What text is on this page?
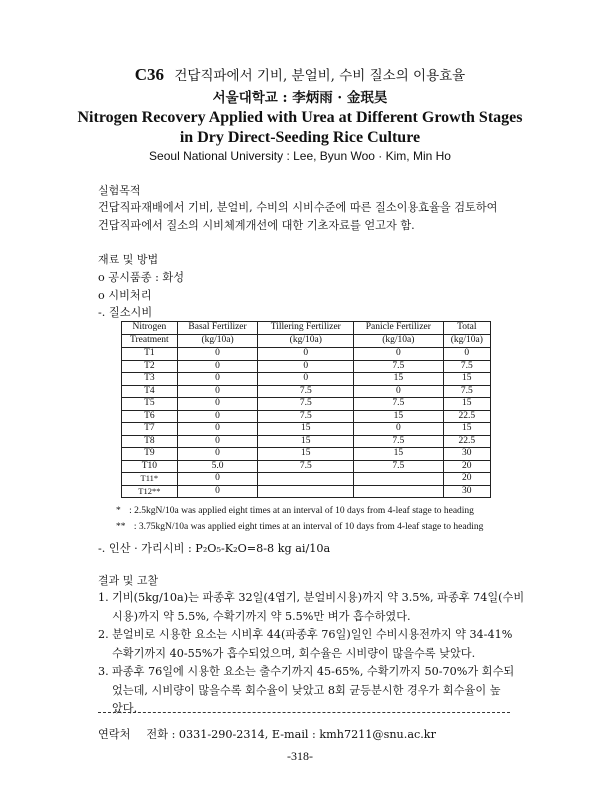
C36 건답직파에서 기비, 분얼비, 수비 질소의 이용효율
서울대학교 : 李炳雨 · 金珉昊
Nitrogen Recovery Applied with Urea at Different Growth Stages
in Dry Direct-Seeding Rice Culture
Seoul National University : Lee, Byun Woo · Kim, Min Ho
실험목적
건답직파재배에서 기비, 분얼비, 수비의 시비수준에 따른 질소이용효율을 검토하여
건답직파에서 질소의 시비체계개선에 대한 기초자료를 얻고자 함.
재료 및 방법
o 공시품종 : 화성
o 시비처리
-. 질소시비
Nitrogen	Basal Fertilizer	Tillering Fertilizer	Panicle Fertilizer	Total
Treatment	(kg/10a)	(kg/10a)	(kg/10a)	(kg/10a)
T1	0	0	0	0
T2	0	0	7.5	7.5
T3	0	0	15	15
T4	0	7.5	0	7.5
T5	0	7.5	7.5	15
T6	0	7.5	15	22.5
T7	0	15	0	15
T8	0	15	7.5	22.5
T9	0	15	15	30
T10	5.0	7.5	7.5	20
T11*	0			20
T12**	0			30
* : 2.5kgN/10a was applied eight times at an interval of 10 days from 4-leaf stage to heading
** : 3.75kgN/10a was applied eight times at an interval of 10 days from 4-leaf stage to heading
-. 인산 · 가리시비 : P₂O₅-K₂O=8-8 kg ai/10a
결과 및 고찰
1. 기비(5kg/10a)는 파종후 32일(4엽기, 분얼비시용)까지 약 3.5%, 파종후 74일(수비
시용)까지 약 5.5%, 수확기까지 약 5.5%만 벼가 흡수하였다.
2. 분얼비로 시용한 요소는 시비후 44(파종후 76일)일인 수비시용전까지 약 34-41%
수확기까지 40-55%가 흡수되었으며, 회수율은 시비량이 많을수록 낮았다.
3. 파종후 76일에 시용한 요소는 출수기까지 45-65%, 수확기까지 50-70%가 회수되
었는데, 시비량이 많을수록 회수율이 낮았고 8회 균등분시한 경우가 회수율이 높
았다.
연락처 전화 : 0331-290-2314, E-mail : kmh7211@snu.ac.kr
-318-
